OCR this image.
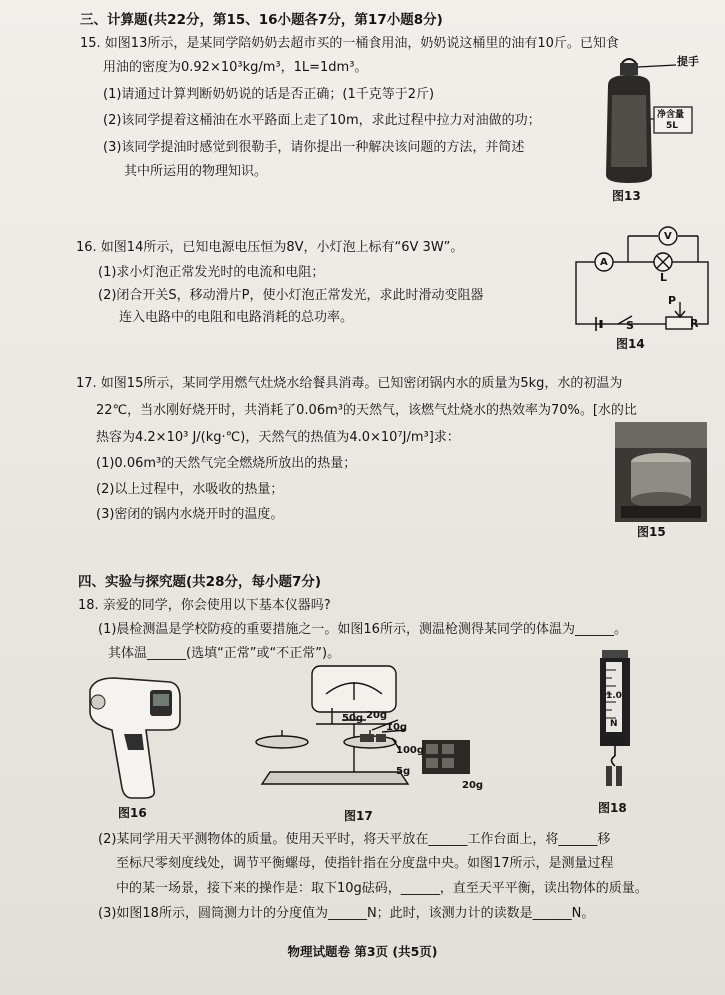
三、计算题(共22分，第15、16小题各7分，第17小题8分)
15. 如图13所示，是某同学陪奶奶去超市买的一桶食用油，奶奶说这桶里的油有10斤。已知食
用油的密度为0.92×10³kg/m³，1L=1dm³。
(1)请通过计算判断奶奶说的话是否正确；(1千克等于2斤)
(2)该同学提着这桶油在水平路面上走了10m，求此过程中拉力对油做的功；
(3)该同学提油时感觉到很勒手，请你提出一种解决该问题的方法，并简述
其中所运用的物理知识。
提手
净含量
5L
图13
16. 如图14所示，已知电源电压恒为8V，小灯泡上标有“6V 3W”。
(1)求小灯泡正常发光时的电流和电阻；
(2)闭合开关S，移动滑片P，使小灯泡正常发光，求此时滑动变阻器
连入电路中的电阻和电路消耗的总功率。
V
A
L
S
P
R
图14
17. 如图15所示，某同学用燃气灶烧水给餐具消毒。已知密闭锅内水的质量为5kg，水的初温为
22℃，当水刚好烧开时，共消耗了0.06m³的天然气，该燃气灶烧水的热效率为70%。[水的比
热容为4.2×10³ J/(kg·℃)，天然气的热值为4.0×10⁷J/m³]求：
(1)0.06m³的天然气完全燃烧所放出的热量；
(2)以上过程中，水吸收的热量；
(3)密闭的锅内水烧开时的温度。
图15
四、实验与探究题(共28分，每小题7分)
18. 亲爱的同学，你会使用以下基本仪器吗?
(1)晨检测温是学校防疫的重要措施之一。如图16所示，测温枪测得某同学的体温为______。
其体温______(选填“正常”或“不正常”)。
图16
50g 20g
10g
100g
5g
20g
图17
1.0
N
图18
(2)某同学用天平测物体的质量。使用天平时，将天平放在______工作台面上，将______移
至标尺零刻度线处，调节平衡螺母，使指针指在分度盘中央。如图17所示，是测量过程
中的某一场景，接下来的操作是：取下10g砝码，______，直至天平平衡，读出物体的质量。
(3)如图18所示，圆筒测力计的分度值为______N；此时，该测力计的读数是______N。
物理试题卷 第3页 (共5页)
